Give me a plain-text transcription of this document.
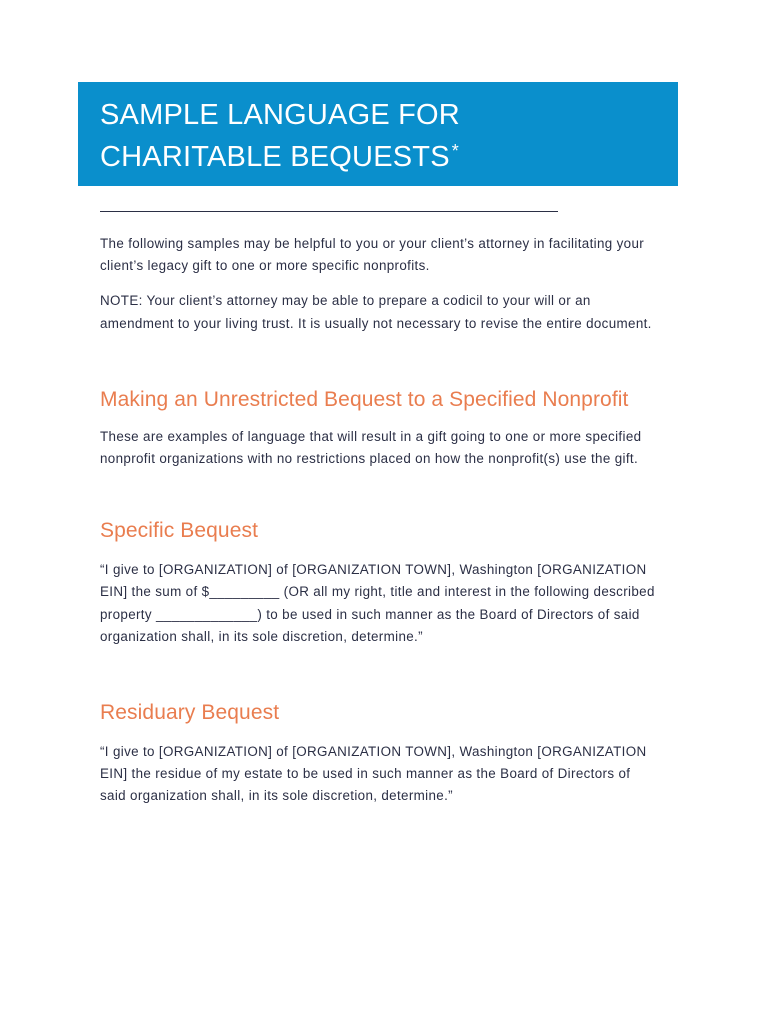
SAMPLE LANGUAGE FOR
CHARITABLE BEQUESTS *

The following samples may be helpful to you or your client’s attorney in facilitating your client’s legacy gift to one or more specific nonprofits.

NOTE: Your client’s attorney may be able to prepare a codicil to your will or an amendment to your living trust. It is usually not necessary to revise the entire document.

Making an Unrestricted Bequest to a Specified Nonprofit

These are examples of language that will result in a gift going to one or more specified nonprofit organizations with no restrictions placed on how the nonprofit(s) use the gift.

Specific Bequest

“I give to [ORGANIZATION] of [ORGANIZATION TOWN], Washington [ORGANIZATION EIN] the sum of $_________ (OR all my right, title and interest in the following described property _____________) to be used in such manner as the Board of Directors of said organization shall, in its sole discretion, determine.”

Residuary Bequest

“I give to [ORGANIZATION] of [ORGANIZATION TOWN], Washington [ORGANIZATION EIN] the residue of my estate to be used in such manner as the Board of Directors of said organization shall, in its sole discretion, determine.”
